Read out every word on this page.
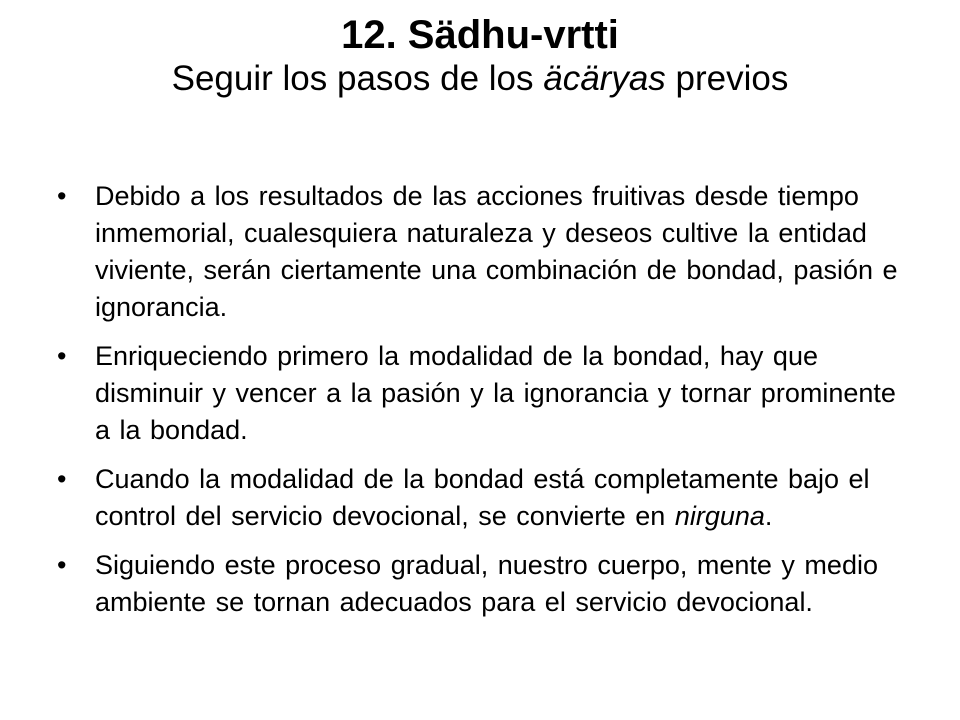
12. Sädhu-vrtti
Seguir los pasos de los äcäryas previos
• Debido a los resultados de las acciones fruitivas desde tiempo inmemorial, cualesquiera naturaleza y deseos cultive la entidad viviente, serán ciertamente una combinación de bondad, pasión e ignorancia.
• Enriqueciendo primero la modalidad de la bondad, hay que disminuir y vencer a la pasión y la ignorancia y tornar prominente a la bondad.
• Cuando la modalidad de la bondad está completamente bajo el control del servicio devocional, se convierte en nirguna.
• Siguiendo este proceso gradual, nuestro cuerpo, mente y medio ambiente se tornan adecuados para el servicio devocional.
